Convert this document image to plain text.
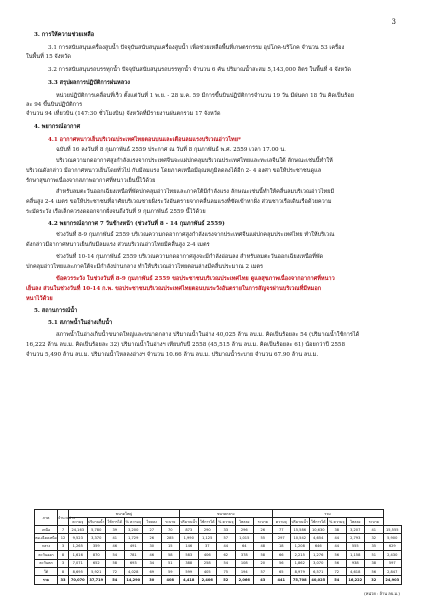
3
3. การให้ความช่วยเหลือ
3.1 การสนับสนุนเครื่องสูบน้ำ ปัจจุบันสนับสนุนเครื่องสูบน้ำ เพื่อช่วยเหลือพื้นที่เกษตรกรรม อุปโภค-บริโภค จำนวน 53 เครื่อง
ในพื้นที่ 15 จังหวัด
3.2 การสนับสนุนรถบรรทุกน้ำ ปัจจุบันสนับสนุนรถบรรทุกน้ำ จำนวน 6 คัน ปริมาณน้ำสะสม 5,143,000 ลิตร ในพื้นที่ 4 จังหวัด
3.3 สรุปผลการปฏิบัติการฝนหลวง
หน่วยปฏิบัติการเคลื่อนที่เร็ว ตั้งแต่วันที่ 1 พ.ย. - 28 ม.ค. 59 มีการขึ้นบินปฏิบัติการจำนวน 19 วัน มีฝนตก 18 วัน คิดเป็นร้อย
ละ 94 ขึ้นบินปฏิบัติการ
จำนวน 94 เที่ยวบิน (147:30 ชั่วโมงบิน) จังหวัดที่มีรายงานฝนตกรวม 17 จังหวัด
4. พยากรณ์อากาศ
4.1 อากาศหนาวเย็นบริเวณประเทศไทยตอนบนและเตือนลมแรงบริเวณอ่าวไทย*
ฉบับที่ 16 ลงวันที่ 8 กุมภาพันธ์ 2559 ประกาศ ณ วันที่ 8 กุมภาพันธ์ พ.ศ. 2559 เวลา 17.00 น.
บริเวณความกดอากาศสูงกำลังแรงจากประเทศจีนจะแผ่ปกคลุมบริเวณประเทศไทยและทะเลจีนใต้ ลักษณะเช่นนี้ทำให้
บริเวณดังกล่าว มีอากาศหนาวเย็นโดยทั่วไป กับมีลมแรง โดยภาคเหนือมีอุณหภูมิลดลงได้อีก 2- 4 องศา ขอให้ประชาชนดูแล
รักษาสุขภาพเนื่องจากสภาพอากาศที่หนาวเย็นนี้ไว้ด้วย
สำหรับลมตะวันออกเฉียงเหนือที่พัดปกคลุมอ่าวไทยและภาคใต้มีกำลังแรง ลักษณะเช่นนี้ทำให้คลื่นลมบริเวณอ่าวไทยมี
คลื่นสูง 2-4 เมตร ขอให้ประชาชนที่อาศัยบริเวณชายฝั่งระวังอันตรายจากคลื่นลมแรงที่ซัดเข้าหาฝั่ง ส่วนชาวเรือเดินเรือด้วยความ
ระมัดระวัง เรือเล็กควรงดออกจากฝั่งจนถึงวันที่ 9 กุมภาพันธ์ 2559 นี้ไว้ด้วย
4.2 พยากรณ์อากาศ 7 วันข้างหน้า (ช่วงวันที่ 8 - 14 กุมภาพันธ์ 2559)
ช่วงวันที่ 8-9 กุมภาพันธ์ 2559 บริเวณความกดอากาศสูงกำลังแรงจากประเทศจีนแผ่ปกคลุมประเทศไทย ทำให้บริเวณ
ดังกล่าวมีอากาศหนาวเย็นกับมีลมแรง ส่วนบริเวณอ่าวไทยมีคลื่นสูง 2-4 เมตร
ช่วงวันที่ 10-14 กุมภาพันธ์ 2559 บริเวณความกดอากาศสูงจะมีกำลังอ่อนลง สำหรับลมตะวันออกเฉียงเหนือที่พัด
ปกคลุมอ่าวไทยและภาคใต้จะมีกำลังปานกลาง ทำให้บริเวณอ่าวไทยตอนล่างมีคลื่นประมาณ 2 เมตร
ข้อควรระวัง ในช่วงวันที่ 8-9 กุมภาพันธ์ 2559 ขอประชาชนบริเวณประเทศไทย ดูแลสุขภาพเนื่องจากอากาศที่หนาว
เย็นลง ส่วนในช่วงวันที่ 10-14 ก.พ. ขอประชาชนบริเวณประเทศไทยตอนบนระวังอันตรายในการสัญจรผ่านบริเวณที่มีหมอก
หนาไว้ด้วย
5. สถานการณ์น้ำ
5.1 สภาพน้ำในอ่างเก็บน้ำ
สภาพน้ำในอ่างเก็บน้ำขนาดใหญ่และขนาดกลาง ปริมาณน้ำในอ่าง 40,025 ล้าน ลบ.ม. คิดเป็นร้อยละ 54 (ปริมาณน้ำใช้การได้
16,222 ล้าน ลบ.ม. คิดเป็นร้อยละ 32) ปริมาณน้ำในอ่างฯ เทียบกับปี 2558 (45,515 ล้าน ลบ.ม. คิดเป็นร้อยละ 61) น้อยกว่าปี 2558
จำนวน 5,490 ล้าน ลบ.ม. ปริมาณน้ำไหลลงอ่างฯ จำนวน 10.66 ล้าน ลบ.ม. ปริมาณน้ำระบาย จำนวน 67.90 ล้าน ลบ.ม.
ภาค	จำนวนอ่าง	ขนาดใหญ่						ขนาดกลาง					รวม						
		ความจุ	ปริมาณน้ำ	ใช้การได้	% ความจุ	ไหลลง	ระบาย	ปริมาณน้ำ	ใช้การได้	% ความจุ	ไหลลง	ระบาย	ความจุ	ปริมาณน้ำ	ใช้การได้	% ความจุ	ไหลลง	ระบาย	
เหนือ	7	24,163	5,780	39	3,200	27	70	873	290	33	296	26	77	15,586	10,630	38	3,207	41	15,555
ตอ.เฉียงเหนือ	12	9,523	3,370	41	1,729	26	285	1,990	1,125	57	1,015	55	297	10,542	4,654	44	2,793	32	5,900
กลาง	3	1,265	359	46	491	30	15	146	37	44	64	48	18	1,208	646	44	555	35	629
ตะวันออก	8	1,616	870	54	781	46	58	583	406	62	378	58	66	2,215	1,276	56	1,158	51	2,430
ตะวันตก	3	7,071	652	58	693	34	51	388	258	54	108	20	56	1,862	3,070	56	938	38	597
ใต้	8	8,695	5,921	72	4,028	69	59	599	405	75	194	57	65	8,979	6,571	72	4,618	56	2,847
รวม	33	70,070	37,719	54	14,290	30	408	4,418	2,406	52	2,066	43	441	75,708	40,025	54	16,222	32	24,903
(หน่วย : ล้าน ลบ.ม.)
